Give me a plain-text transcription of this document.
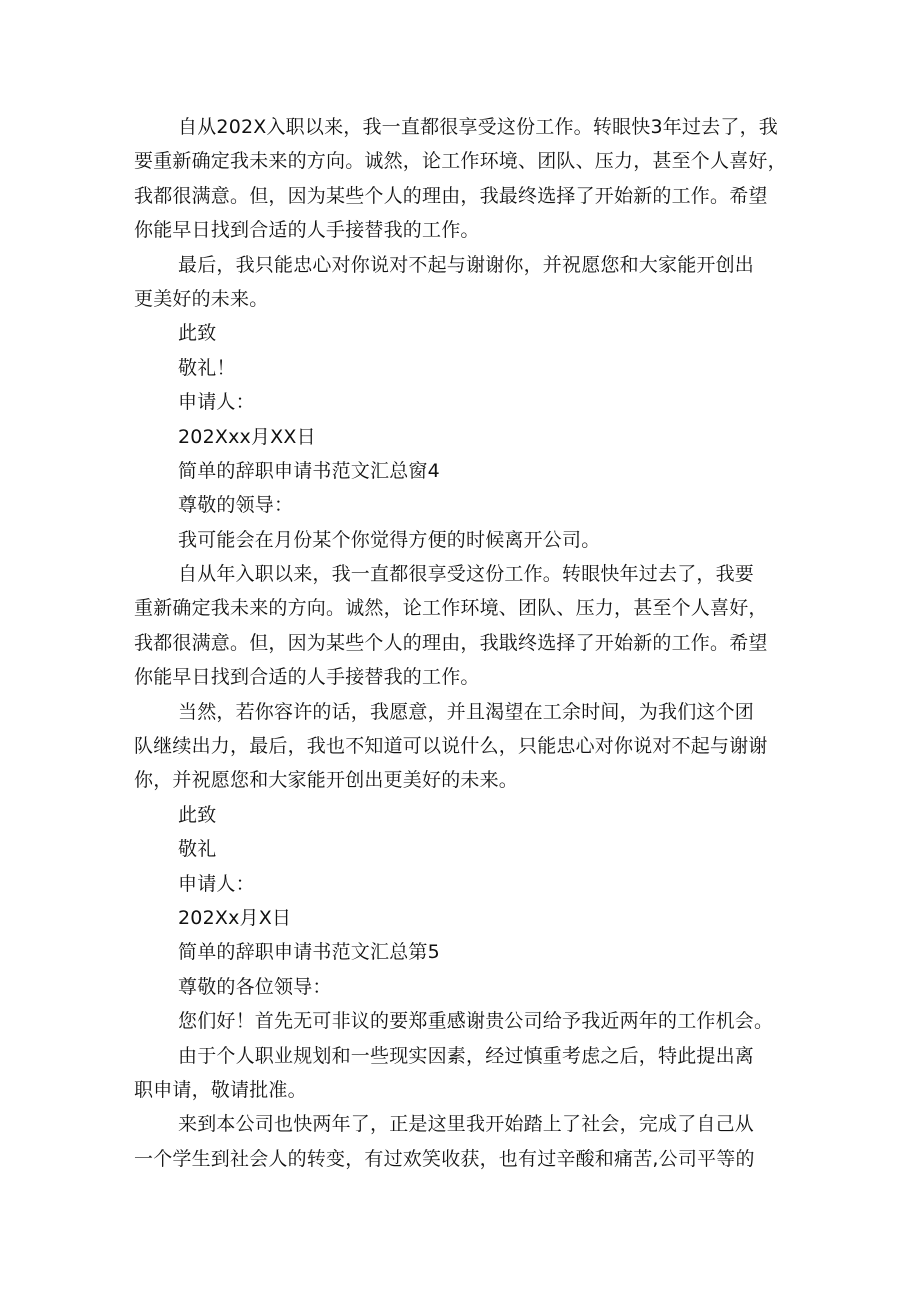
自从202X入职以来，我一直都很享受这份工作。转眼快3年过去了，我
要重新确定我未来的方向。诚然，论工作环境、团队、压力，甚至个人喜好，
我都很满意。但，因为某些个人的理由，我最终选择了开始新的工作。希望
你能早日找到合适的人手接替我的工作。
最后，我只能忠心对你说对不起与谢谢你，并祝愿您和大家能开创出
更美好的未来。
此致
敬礼！
申请人：
202Xxx月XX日
简单的辞职申请书范文汇总窗4
尊敬的领导：
我可能会在月份某个你觉得方便的时候离开公司。
自从年入职以来，我一直都很享受这份工作。转眼快年过去了，我要
重新确定我未来的方向。诚然，论工作环境、团队、压力，甚至个人喜好，
我都很满意。但，因为某些个人的理由，我戢终选择了开始新的工作。希望
你能早日找到合适的人手接替我的工作。
当然，若你容许的话，我愿意，并且渴望在工余时间，为我们这个团
队继续出力，最后，我也不知道可以说什么，只能忠心对你说对不起与谢谢
你，并祝愿您和大家能开创出更美好的未来。
此致
敬礼
申请人：
202Xx月X日
简单的辞职申请书范文汇总第5
尊敬的各位领导：
您们好！首先无可非议的要郑重感谢贵公司给予我近两年的工作机会。
由于个人职业规划和一些现实因素，经过慎重考虑之后，特此提出离
职申请，敬请批准。
来到本公司也快两年了，正是这里我开始踏上了社会，完成了自己从
一个学生到社会人的转变，有过欢笑收获，也有过辛酸和痛苦,公司平等的
